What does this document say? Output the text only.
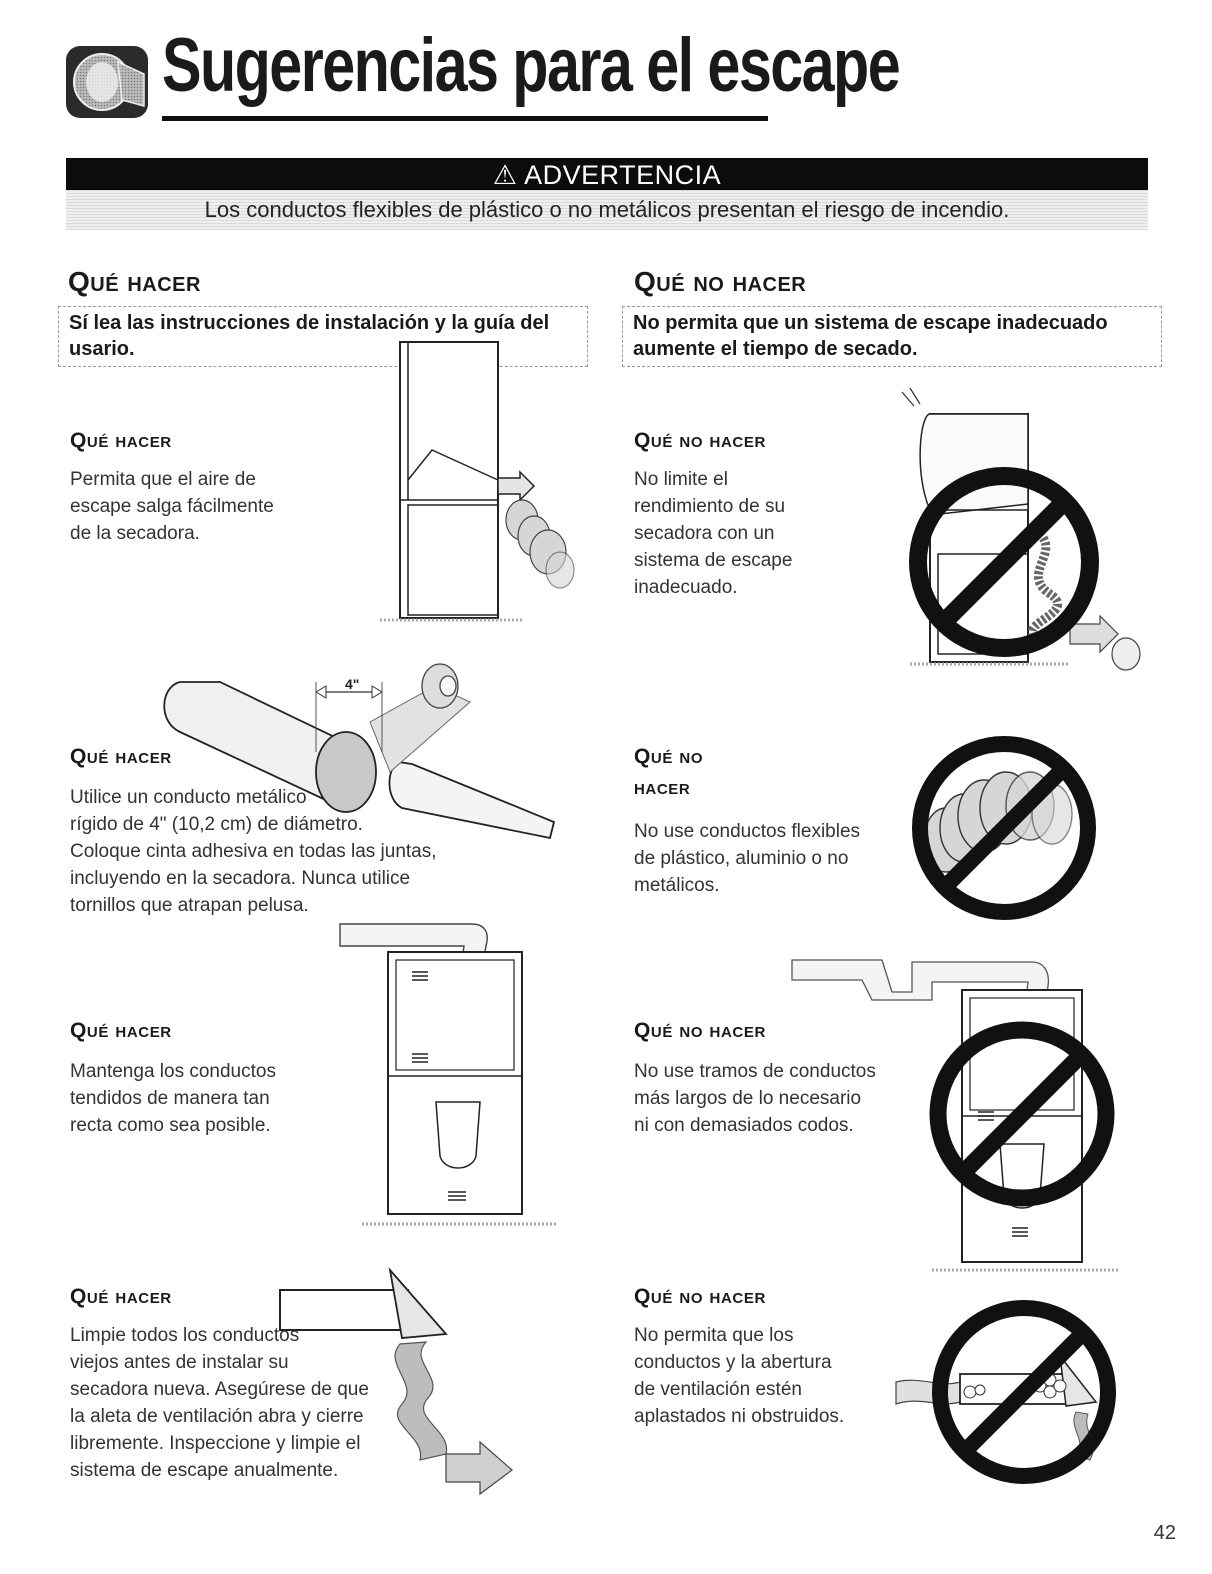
Sugerencias para el escape
⚠ ADVERTENCIA
Los conductos flexibles de plástico o no metálicos presentan el riesgo de incendio.
Qué hacer
Sí lea las instrucciones de instalación y la guía del usario.
Qué hacer

Permita que el aire de

escape salga fácilmente

de la secadora.

4"
Qué hacer

Utilice un conducto metálico

rígido de 4" (10,2 cm) de diámetro.

Coloque cinta adhesiva en todas las juntas,

incluyendo en la secadora. Nunca utilice

tornillos que atrapan pelusa.

Qué hacer

Mantenga los conductos

tendidos de manera tan

recta como sea posible.

Qué hacer

Limpie todos los conductos

viejos antes de instalar su

secadora nueva. Asegúrese de que

la aleta de ventilación abra y cierre

libremente. Inspeccione y limpie el

sistema de escape anualmente.

Qué no hacer
No permita que un sistema de escape inadecuado aumente el tiempo de secado.
Qué no hacer

No limite el

rendimiento de su

secadora con un

sistema de escape

inadecuado.

Qué no
hacer

No use conductos flexibles

de plástico, aluminio o no

metálicos.

Qué no hacer

No use tramos de conductos

más largos de lo necesario

ni con demasiados codos.

Qué no hacer

No permita que los

conductos y la abertura

de ventilación estén

aplastados ni obstruidos.

42
